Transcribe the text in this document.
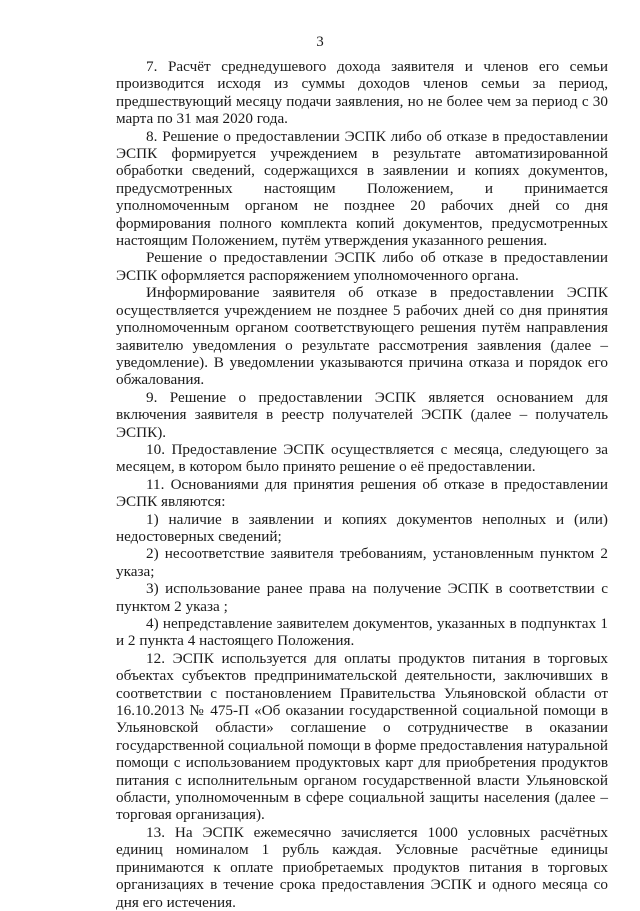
3

7. Расчёт среднедушевого дохода заявителя и членов его семьи производится исходя из суммы доходов членов семьи за период, предшествующий месяцу подачи заявления, но не более чем за период с 30 марта по 31 мая 2020 года.

8. Решение о предоставлении ЭСПК либо об отказе в предоставлении ЭСПК формируется учреждением в результате автоматизированной обработки сведений, содержащихся в заявлении и копиях документов, предусмотренных настоящим Положением, и принимается уполномоченным органом не позднее 20 рабочих дней со дня формирования полного комплекта копий документов, предусмотренных настоящим Положением, путём утверждения указанного решения.

Решение о предоставлении ЭСПК либо об отказе в предоставлении ЭСПК оформляется распоряжением уполномоченного органа.

Информирование заявителя об отказе в предоставлении ЭСПК осуществляется учреждением не позднее 5 рабочих дней со дня принятия уполномоченным органом соответствующего решения путём направления заявителю уведомления о результате рассмотрения заявления (далее – уведомление). В уведомлении указываются причина отказа и порядок его обжалования.

9. Решение о предоставлении ЭСПК является основанием для включения заявителя в реестр получателей ЭСПК (далее – получатель ЭСПК).

10. Предоставление ЭСПК осуществляется с месяца, следующего за месяцем, в котором было принято решение о её предоставлении.

11. Основаниями для принятия решения об отказе в предоставлении ЭСПК являются:

1) наличие в заявлении и копиях документов неполных и (или) недостоверных сведений;

2) несоответствие заявителя требованиям, установленным пунктом 2 указа;

3) использование ранее права на получение ЭСПК в соответствии с пунктом 2 указа ;

4) непредставление заявителем документов, указанных в подпунктах 1 и 2 пункта 4 настоящего Положения.

12. ЭСПК используется для оплаты продуктов питания в торговых объектах субъектов предпринимательской деятельности, заключивших в соответствии с постановлением Правительства Ульяновской области от 16.10.2013 № 475-П «Об оказании государственной социальной помощи в Ульяновской области» соглашение о сотрудничестве в оказании государственной социальной помощи в форме предоставления натуральной помощи с использованием продуктовых карт для приобретения продуктов питания с исполнительным органом государственной власти Ульяновской области, уполномоченным в сфере социальной защиты населения (далее – торговая организация).

13. На ЭСПК ежемесячно зачисляется 1000 условных расчётных единиц номиналом 1 рубль каждая. Условные расчётные единицы принимаются к оплате приобретаемых продуктов питания в торговых организациях в течение срока предоставления ЭСПК и одного месяца со дня его истечения.
